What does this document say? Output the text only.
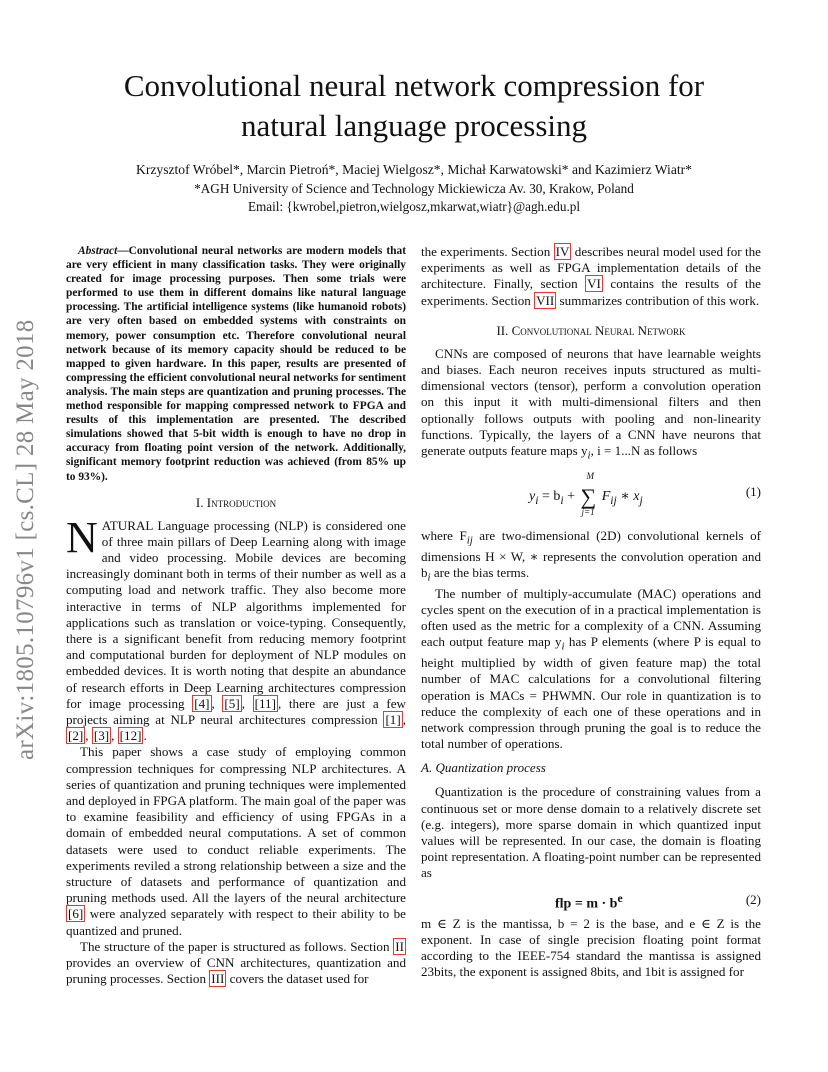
arXiv:1805.10796v1 [cs.CL] 28 May 2018
Convolutional neural network compression for
natural language processing
Krzysztof Wróbel*, Marcin Pietroń*, Maciej Wielgosz*, Michał Karwatowski* and Kazimierz Wiatr*
*AGH University of Science and Technology Mickiewicza Av. 30, Krakow, Poland
Email: {kwrobel,pietron,wielgosz,mkarwat,wiatr}@agh.edu.pl

Abstract—Convolutional neural networks are modern models that are very efficient in many classification tasks. They were originally created for image processing purposes. Then some trials were performed to use them in different domains like natural language processing. The artificial intelligence systems (like humanoid robots) are very often based on embedded systems with constraints on memory, power consumption etc. Therefore convolutional neural network because of its memory capacity should be reduced to be mapped to given hardware. In this paper, results are presented of compressing the efficient convolutional neural networks for sentiment analysis. The main steps are quantization and pruning processes. The method responsible for mapping compressed network to FPGA and results of this implementation are presented. The described simulations showed that 5-bit width is enough to have no drop in accuracy from floating point version of the network. Additionally, significant memory footprint reduction was achieved (from 85% up to 93%).

I. Introduction

NATURAL Language processing (NLP) is considered one of three main pillars of Deep Learning along with image and video processing. Mobile devices are becoming increasingly dominant both in terms of their number as well as a computing load and network traffic. They also become more interactive in terms of NLP algorithms implemented for applications such as translation or voice-typing. Consequently, there is a significant benefit from reducing memory footprint and computational burden for deployment of NLP modules on embedded devices. It is worth noting that despite an abundance of research efforts in Deep Learning architectures compression for image processing [4] , [5] , [11] , there are just a few projects aiming at NLP neural architectures compression [1] , [2] , [3] , [12] .

This paper shows a case study of employing common compression techniques for compressing NLP architectures. A series of quantization and pruning techniques were implemented and deployed in FPGA platform. The main goal of the paper was to examine feasibility and efficiency of using FPGAs in a domain of embedded neural computations. A set of common datasets were used to conduct reliable experiments. The experiments reviled a strong relationship between a size and the structure of datasets and performance of quantization and pruning methods used. All the layers of the neural architecture [6] were analyzed separately with respect to their ability to be quantized and pruned.

The structure of the paper is structured as follows. Section II provides an overview of CNN architectures, quantization and pruning processes. Section III covers the dataset used for

the experiments. Section IV describes neural model used for the experiments as well as FPGA implementation details of the architecture. Finally, section VI contains the results of the experiments. Section VII summarizes contribution of this work.

II. Convolutional Neural Network

CNNs are composed of neurons that have learnable weights and biases. Each neuron receives inputs structured as multi-dimensional vectors (tensor), perform a convolution operation on this input it with multi-dimensional filters and then optionally follows outputs with pooling and non-linearity functions. Typically, the layers of a CNN have neurons that generate outputs feature maps $y_i$, i = 1...N as follows

$y_i = b_i$ + ∑
M
j=1
$F_{ij}$ ∗ $x_j$
(1)

where $F_{ij}$ are two-dimensional (2D) convolutional kernels of dimensions H × W, ∗ represents the convolution operation and $b_i$ are the bias terms.

The number of multiply-accumulate (MAC) operations and cycles spent on the execution of in a practical implementation is often used as the metric for a complexity of a CNN. Assuming each output feature map $y_i$ has P elements (where P is equal to height multiplied by width of given feature map) the total number of MAC calculations for a convolutional filtering operation is MACs = PHWMN. Our role in quantization is to reduce the complexity of each one of these operations and in network compression through pruning the goal is to reduce the total number of operations.

A. Quantization process

Quantization is the procedure of constraining values from a continuous set or more dense domain to a relatively discrete set (e.g. integers), more sparse domain in which quantized input values will be represented. In our case, the domain is floating point representation. A floating-point number can be represented as

flp = $m \cdot b^e$	(2)

m ∈ Z is the mantissa, b = 2 is the base, and e ∈ Z is the exponent. In case of single precision floating point format according to the IEEE-754 standard the mantissa is assigned 23bits, the exponent is assigned 8bits, and 1bit is assigned for
